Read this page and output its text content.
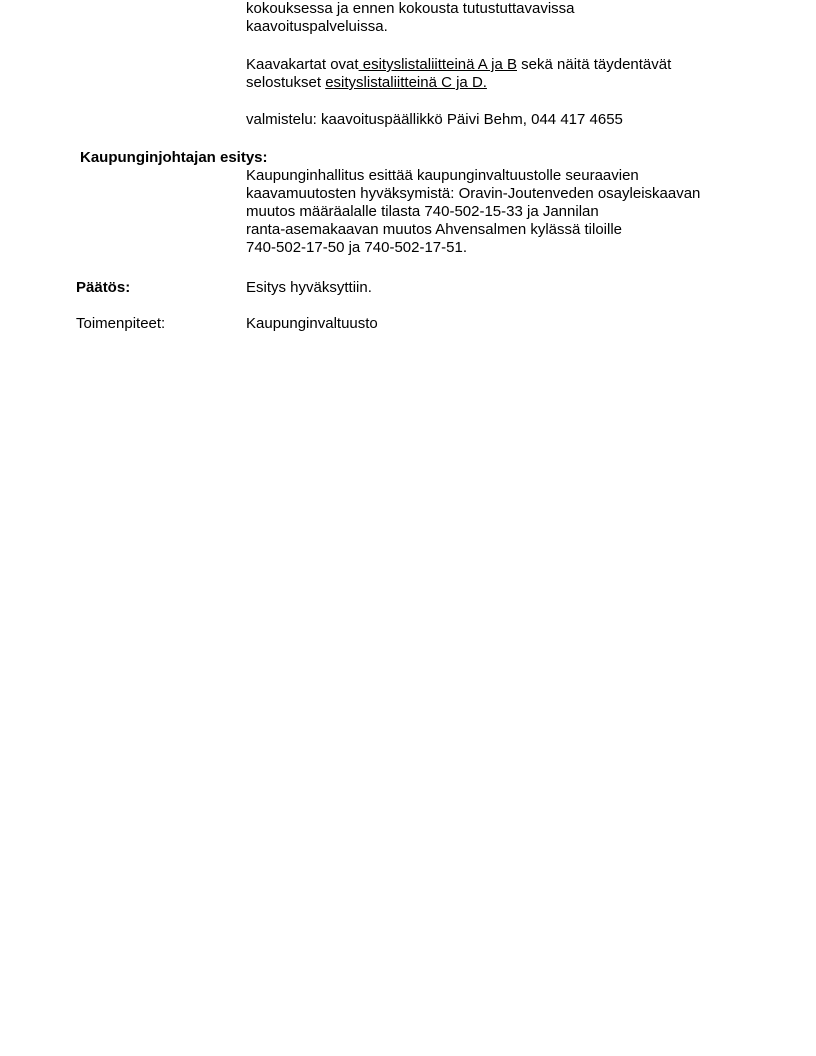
kokouksessa ja ennen kokousta tutustuttavavissa
kaavoituspalveluissa.
Kaavakartat ovat esityslistaliitteinä A ja B sekä näitä täydentävät
selostukset esityslistaliitteinä C ja D.
valmistelu: kaavoituspäällikkö Päivi Behm, 044 417 4655

Kaupunginjohtajan esitys:

Kaupunginhallitus esittää kaupunginvaltuustolle seuraavien
kaavamuutosten hyväksymistä: Oravin-Joutenveden osayleiskaavan
muutos määräalalle tilasta 740-502-15-33 ja Jannilan
ranta-asemakaavan muutos Ahvensalmen kylässä tiloille
740-502-17-50 ja 740-502-17-51.

Päätös:	Esitys hyväksyttiin.

Toimenpiteet:	Kaupunginvaltuusto
